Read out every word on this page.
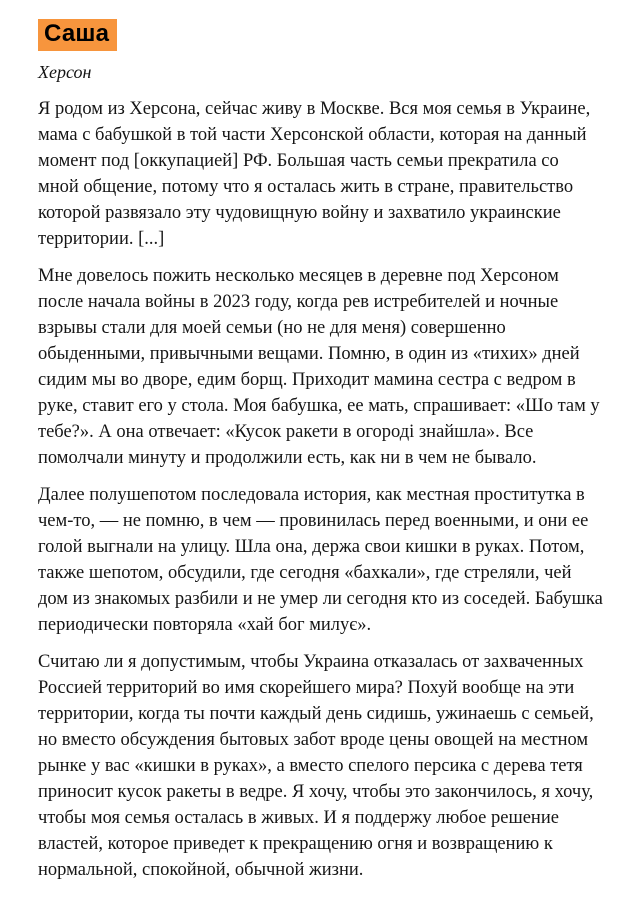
Саша

Херсон

Я родом из Херсона, сейчас живу в Москве. Вся моя семья в Украине, мама с бабушкой в той части Херсонской области, которая на данный момент под [оккупацией] РФ. Большая часть семьи прекратила со мной общение, потому что я осталась жить в стране, правительство которой развязало эту чудовищную войну и захватило украинские территории. [...]

Мне довелось пожить несколько месяцев в деревне под Херсоном после начала войны в 2023 году, когда рев истребителей и ночные взрывы стали для моей семьи (но не для меня) совершенно обыденными, привычными вещами. Помню, в один из «тихих» дней сидим мы во дворе, едим борщ. Приходит мамина сестра с ведром в руке, ставит его у стола. Моя бабушка, ее мать, спрашивает: «Шо там у тебе?». А она отвечает: «Кусок ракети в огороді знайшла». Все помолчали минуту и продолжили есть, как ни в чем не бывало.

Далее полушепотом последовала история, как местная проститутка в чем-то, — не помню, в чем — провинилась перед военными, и они ее голой выгнали на улицу. Шла она, держа свои кишки в руках. Потом, также шепотом, обсудили, где сегодня «бахкали», где стреляли, чей дом из знакомых разбили и не умер ли сегодня кто из соседей. Бабушка периодически повторяла «хай бог милує».

Считаю ли я допустимым, чтобы Украина отказалась от захваченных Россией территорий во имя скорейшего мира? Похуй вообще на эти территории, когда ты почти каждый день сидишь, ужинаешь с семьей, но вместо обсуждения бытовых забот вроде цены овощей на местном рынке у вас «кишки в руках», а вместо спелого персика с дерева тетя приносит кусок ракеты в ведре. Я хочу, чтобы это закончилось, я хочу, чтобы моя семья осталась в живых. И я поддержу любое решение властей, которое приведет к прекращению огня и возвращению к нормальной, спокойной, обычной жизни.
